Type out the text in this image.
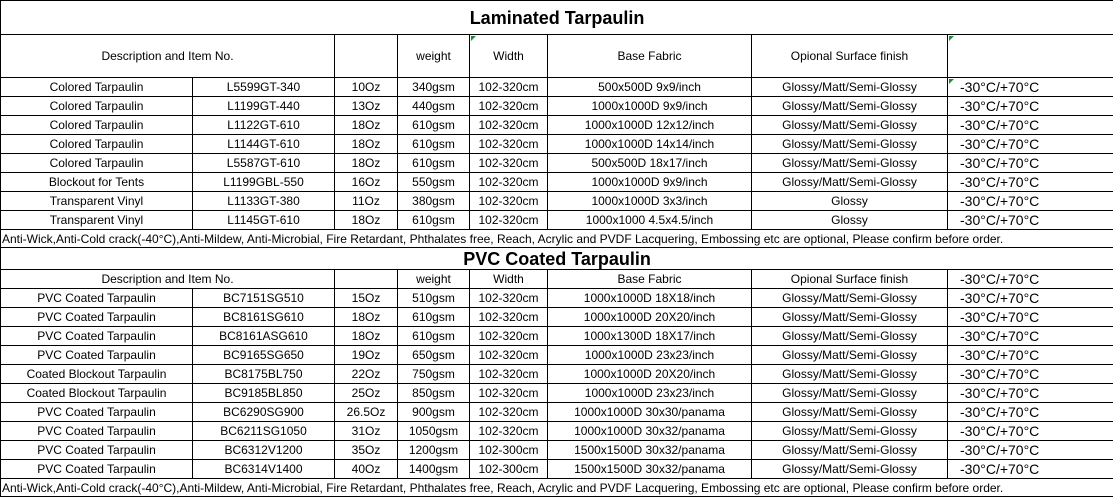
Laminated Tarpaulin							
Description and Item No.			weight	Width	Base Fabric	Opional Surface finish	
Colored Tarpaulin	L5599GT-340	10Oz	340gsm	102-320cm	500x500D 9x9/inch	Glossy/Matt/Semi-Glossy	-30°C/+70°C
Colored Tarpaulin	L1199GT-440	13Oz	440gsm	102-320cm	1000x1000D 9x9/inch	Glossy/Matt/Semi-Glossy	-30°C/+70°C
Colored Tarpaulin	L1122GT-610	18Oz	610gsm	102-320cm	1000x1000D 12x12/inch	Glossy/Matt/Semi-Glossy	-30°C/+70°C
Colored Tarpaulin	L1144GT-610	18Oz	610gsm	102-320cm	1000x1000D 14x14/inch	Glossy/Matt/Semi-Glossy	-30°C/+70°C
Colored Tarpaulin	L5587GT-610	18Oz	610gsm	102-320cm	500x500D 18x17/inch	Glossy/Matt/Semi-Glossy	-30°C/+70°C
Blockout for Tents	L1199GBL-550	16Oz	550gsm	102-320cm	1000x1000D 9x9/inch	Glossy/Matt/Semi-Glossy	-30°C/+70°C
Transparent Vinyl	L1133GT-380	11Oz	380gsm	102-320cm	1000x1000D 3x3/inch	Glossy	-30°C/+70°C
Transparent Vinyl	L1145GT-610	18Oz	610gsm	102-320cm	1000x1000 4.5x4.5/inch	Glossy	-30°C/+70°C
Anti-Wick,Anti-Cold crack(-40°C),Anti-Mildew, Anti-Microbial, Fire Retardant, Phthalates free, Reach, Acrylic and PVDF Lacquering, Embossing etc are optional, Please confirm before order.							
PVC Coated Tarpaulin							
Description and Item No.			weight	Width	Base Fabric	Opional Surface finish	-30°C/+70°C
PVC Coated Tarpaulin	BC7151SG510	15Oz	510gsm	102-320cm	1000x1000D 18X18/inch	Glossy/Matt/Semi-Glossy	-30°C/+70°C
PVC Coated Tarpaulin	BC8161SG610	18Oz	610gsm	102-320cm	1000x1000D 20X20/inch	Glossy/Matt/Semi-Glossy	-30°C/+70°C
PVC Coated Tarpaulin	BC8161ASG610	18Oz	610gsm	102-320cm	1000x1300D 18X17/inch	Glossy/Matt/Semi-Glossy	-30°C/+70°C
PVC Coated Tarpaulin	BC9165SG650	19Oz	650gsm	102-320cm	1000x1000D 23x23/inch	Glossy/Matt/Semi-Glossy	-30°C/+70°C
Coated Blockout Tarpaulin	BC8175BL750	22Oz	750gsm	102-320cm	1000x1000D 20X20/inch	Glossy/Matt/Semi-Glossy	-30°C/+70°C
Coated Blockout Tarpaulin	BC9185BL850	25Oz	850gsm	102-320cm	1000x1000D 23x23/inch	Glossy/Matt/Semi-Glossy	-30°C/+70°C
PVC Coated Tarpaulin	BC6290SG900	26.5Oz	900gsm	102-320cm	1000x1000D 30x30/panama	Glossy/Matt/Semi-Glossy	-30°C/+70°C
PVC Coated Tarpaulin	BC6211SG1050	31Oz	1050gsm	102-320cm	1000x1000D 30x32/panama	Glossy/Matt/Semi-Glossy	-30°C/+70°C
PVC Coated Tarpaulin	BC6312V1200	35Oz	1200gsm	102-300cm	1500x1500D 30x32/panama	Glossy/Matt/Semi-Glossy	-30°C/+70°C
PVC Coated Tarpaulin	BC6314V1400	40Oz	1400gsm	102-300cm	1500x1500D 30x32/panama	Glossy/Matt/Semi-Glossy	-30°C/+70°C
Anti-Wick,Anti-Cold crack(-40°C),Anti-Mildew, Anti-Microbial, Fire Retardant, Phthalates free, Reach, Acrylic and PVDF Lacquering, Embossing etc are optional, Please confirm before order.							
